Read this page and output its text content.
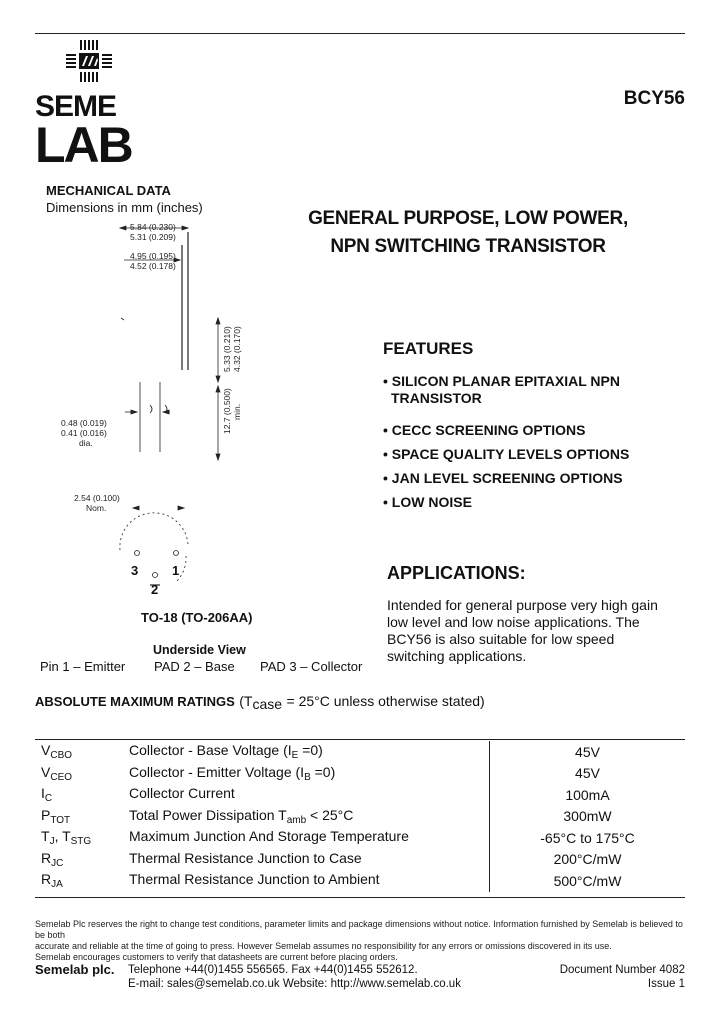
SEME
LAB
BCY56
MECHANICAL DATA
Dimensions in mm (inches)
GENERAL PURPOSE, LOW POWER,
NPN SWITCHING TRANSISTOR
5.84 (0.230)
5.31 (0.209)
4.95 (0.195)
4.52 (0.178)
5.33 (0.210) 4.32 (0.170)
12.7 (0.500) min.
0.48 (0.019)
0.41 (0.016)
dia.
2.54 (0.100)
Nom.
3
2
1
TO-18 (TO-206AA)
Underside View
Pin 1 – Emitter PAD 2 – Base PAD 3 – Collector
FEATURES
• SILICON PLANAR EPITAXIAL NPN
TRANSISTOR
• CECC SCREENING OPTIONS
• SPACE QUALITY LEVELS OPTIONS
• JAN LEVEL SCREENING OPTIONS
• LOW NOISE
APPLICATIONS:
Intended for general purpose very high gain
low level and low noise applications. The
BCY56 is also suitable for low speed
switching applications.
ABSOLUTE MAXIMUM RATINGS ($T_{case} = 25^\circ C$ unless otherwise stated)
$V_{CBO}$	Collector - Base Voltage $(I_E =0)$	45V
$V_{CEO}$	Collector - Emitter Voltage $(I_B =0)$	45V
$I_C$	Collector Current	100mA
$P_{TOT}$	Total Power Dissipation $T_{amb} < 25^\circ C$	300mW
$T_J$, $T_{STG}$	Maximum Junction And Storage Temperature	-65°C to 175°C
$R_{JC}$	Thermal Resistance Junction to Case	200°C/mW
$R_{JA}$	Thermal Resistance Junction to Ambient	500°C/mW
Semelab Plc reserves the right to change test conditions, parameter limits and package dimensions without notice. Information furnished by Semelab is believed to be both
accurate and reliable at the time of going to press. However Semelab assumes no responsibility for any errors or omissions discovered in its use.
Semelab encourages customers to verify that datasheets are current before placing orders.
Semelab plc. Telephone +44(0)1455 556565. Fax +44(0)1455 552612.
E-mail: sales@semelab.co.uk Website: http://www.semelab.co.uk
Document Number 4082
Issue 1
